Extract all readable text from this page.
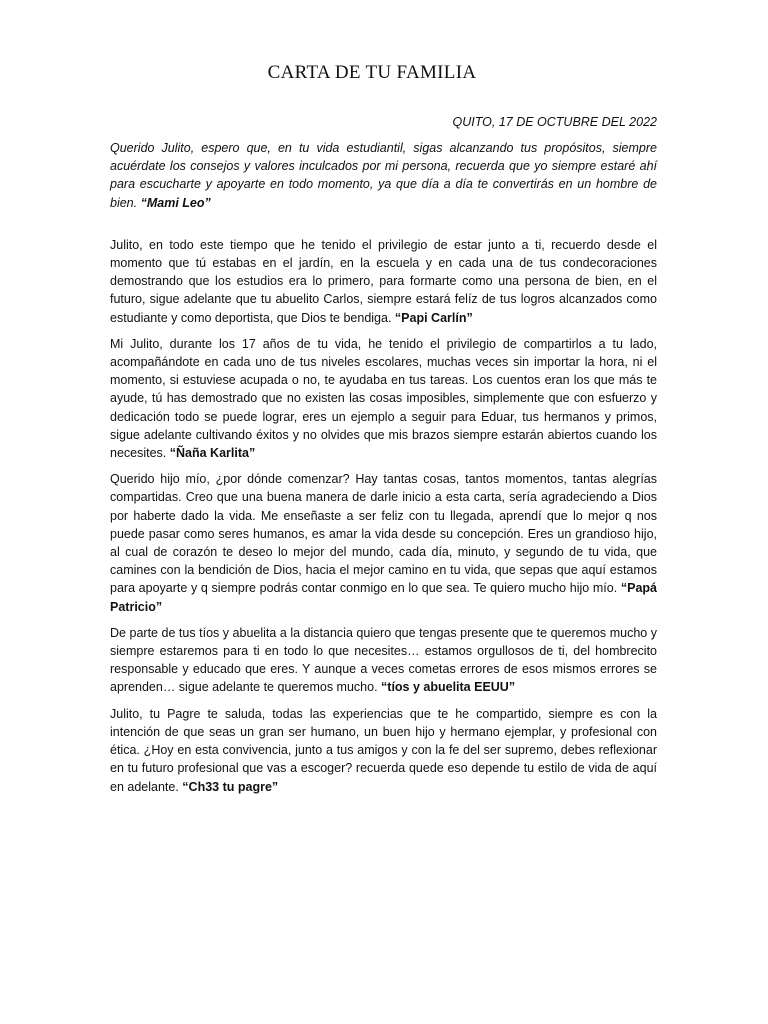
CARTA DE TU FAMILIA

QUITO, 17 DE OCTUBRE DEL 2022

Querido Julito, espero que, en tu vida estudiantil, sigas alcanzando tus propósitos, siempre acuérdate los consejos y valores inculcados por mi persona, recuerda que yo siempre estaré ahí para escucharte y apoyarte en todo momento, ya que día a día te convertirás en un hombre de bien. “Mami Leo”

Julito, en todo este tiempo que he tenido el privilegio de estar junto a ti, recuerdo desde el momento que tú estabas en el jardín, en la escuela y en cada una de tus condecoraciones demostrando que los estudios era lo primero, para formarte como una persona de bien, en el futuro, sigue adelante que tu abuelito Carlos, siempre estará felíz de tus logros alcanzados como estudiante y como deportista, que Dios te bendiga. “Papi Carlín”

Mi Julito, durante los 17 años de tu vida, he tenido el privilegio de compartirlos a tu lado, acompañándote en cada uno de tus niveles escolares, muchas veces sin importar la hora, ni el momento, si estuviese acupada o no, te ayudaba en tus tareas. Los cuentos eran los que más te ayude, tú has demostrado que no existen las cosas imposibles, simplemente que con esfuerzo y dedicación todo se puede lograr, eres un ejemplo a seguir para Eduar, tus hermanos y primos, sigue adelante cultivando éxitos y no olvides que mis brazos siempre estarán abiertos cuando los necesites. “Ñaña Karlita”

Querido hijo mío, ¿por dónde comenzar? Hay tantas cosas, tantos momentos, tantas alegrías compartidas. Creo que una buena manera de darle inicio a esta carta, sería agradeciendo a Dios por haberte dado la vida. Me enseñaste a ser feliz con tu llegada, aprendí que lo mejor q nos puede pasar como seres humanos, es amar la vida desde su concepción. Eres un grandioso hijo, al cual de corazón te deseo lo mejor del mundo, cada día, minuto, y segundo de tu vida, que camines con la bendición de Dios, hacia el mejor camino en tu vida, que sepas que aquí estamos para apoyarte y q siempre podrás contar conmigo en lo que sea. Te quiero mucho hijo mío. “Papá Patricio”

De parte de tus tíos y abuelita a la distancia quiero que tengas presente que te queremos mucho y siempre estaremos para ti en todo lo que necesites… estamos orgullosos de ti, del hombrecito responsable y educado que eres. Y aunque a veces cometas errores de esos mismos errores se aprenden… sigue adelante te queremos mucho. “tíos y abuelita EEUU”

Julito, tu Pagre te saluda, todas las experiencias que te he compartido, siempre es con la intención de que seas un gran ser humano, un buen hijo y hermano ejemplar, y profesional con ética. ¿Hoy en esta convivencia, junto a tus amigos y con la fe del ser supremo, debes reflexionar en tu futuro profesional que vas a escoger? recuerda quede eso depende tu estilo de vida de aquí en adelante. “Ch33 tu pagre”
